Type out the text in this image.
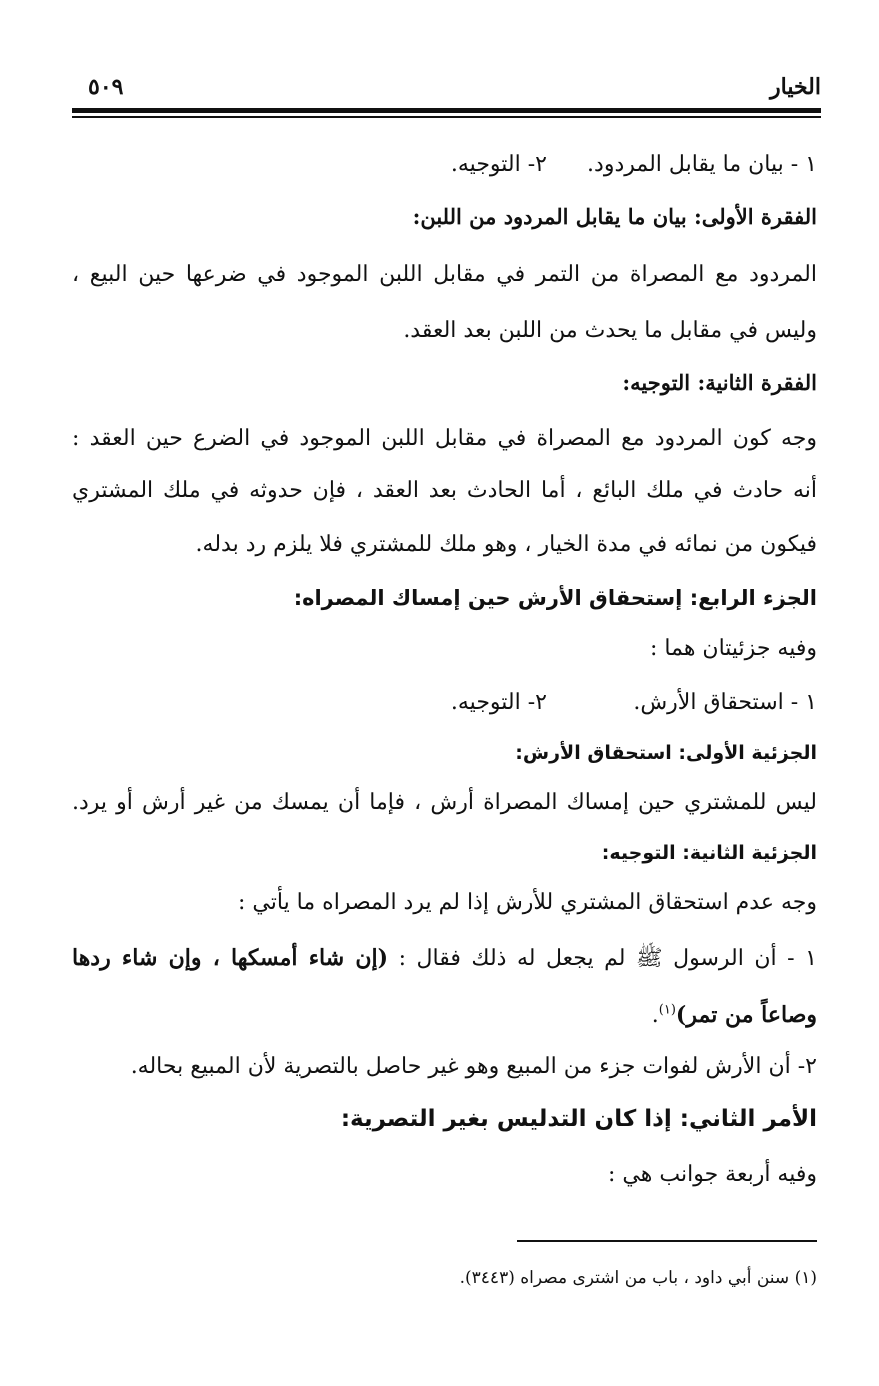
الخيار
٥٠٩
١ - بيان ما يقابل المردود.
٢- التوجيه.
الفقرة الأولى: بيان ما يقابل المردود من اللبن:
المردود مع المصراة من التمر في مقابل اللبن الموجود في ضرعها حين البيع ،
وليس في مقابل ما يحدث من اللبن بعد العقد.
الفقرة الثانية: التوجيه:
وجه كون المردود مع المصراة في مقابل اللبن الموجود في الضرع حين العقد :
أنه حادث في ملك البائع ، أما الحادث بعد العقد ، فإن حدوثه في ملك المشتري
فيكون من نمائه في مدة الخيار ، وهو ملك للمشتري فلا يلزم رد بدله.
الجزء الرابع: إستحقاق الأرش حين إمساك المصراه:
وفيه جزئيتان هما :
١ - استحقاق الأرش.
٢- التوجيه.
الجزئية الأولى: استحقاق الأرش:
ليس للمشتري حين إمساك المصراة أرش ، فإما أن يمسك من غير أرش أو يرد.
الجزئية الثانية: التوجيه:
وجه عدم استحقاق المشتري للأرش إذا لم يرد المصراه ما يأتي :
١ - أن الرسول ﷺ لم يجعل له ذلك فقال : (إن شاء أمسكها ، وإن شاء ردها
وصاعاً من تمر)$^{(١)}$.
٢- أن الأرش لفوات جزء من المبيع وهو غير حاصل بالتصرية لأن المبيع بحاله.
الأمر الثاني: إذا كان التدليس بغير التصرية:
وفيه أربعة جوانب هي :
(١) سنن أبي داود ، باب من اشترى مصراه (٣٤٤٣).
